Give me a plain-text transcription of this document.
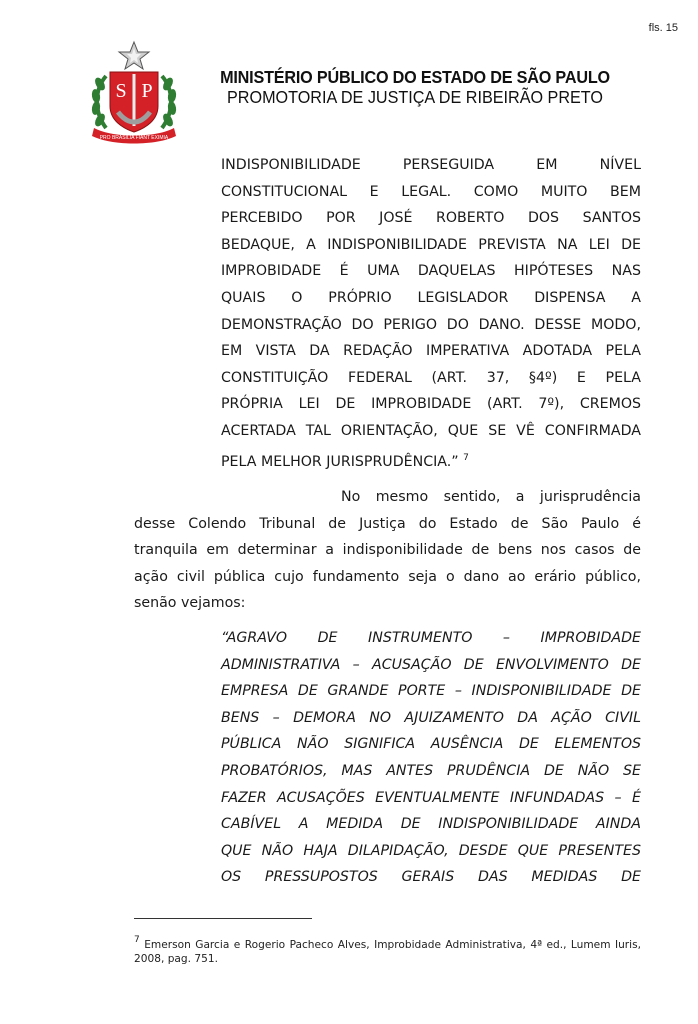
fls. 15
S P
PRO BRASILIA FIANT EXIMIA
MINISTÉRIO PÚBLICO DO ESTADO DE SÃO PAULO
PROMOTORIA DE JUSTIÇA DE RIBEIRÃO PRETO
INDISPONIBILIDADE PERSEGUIDA EM NÍVEL
CONSTITUCIONAL E LEGAL. COMO MUITO BEM
PERCEBIDO POR JOSÉ ROBERTO DOS SANTOS
BEDAQUE, A INDISPONIBILIDADE PREVISTA NA LEI DE
IMPROBIDADE É UMA DAQUELAS HIPÓTESES NAS
QUAIS O PRÓPRIO LEGISLADOR DISPENSA A
DEMONSTRAÇÃO DO PERIGO DO DANO. DESSE MODO,
EM VISTA DA REDAÇÃO IMPERATIVA ADOTADA PELA
CONSTITUIÇÃO FEDERAL (ART. 37, §4º) E PELA
PRÓPRIA LEI DE IMPROBIDADE (ART. 7º), CREMOS
ACERTADA TAL ORIENTAÇÃO, QUE SE VÊ CONFIRMADA
PELA MELHOR JURISPRUDÊNCIA.” $^7$
No mesmo sentido, a jurisprudência
desse Colendo Tribunal de Justiça do Estado de São Paulo é
tranquila em determinar a indisponibilidade de bens nos casos de
ação civil pública cujo fundamento seja o dano ao erário público,
senão vejamos:
“AGRAVO DE INSTRUMENTO – IMPROBIDADE
ADMINISTRATIVA – ACUSAÇÃO DE ENVOLVIMENTO DE
EMPRESA DE GRANDE PORTE – INDISPONIBILIDADE DE
BENS – DEMORA NO AJUIZAMENTO DA AÇÃO CIVIL
PÚBLICA NÃO SIGNIFICA AUSÊNCIA DE ELEMENTOS
PROBATÓRIOS, MAS ANTES PRUDÊNCIA DE NÃO SE
FAZER ACUSAÇÕES EVENTUALMENTE INFUNDADAS – É
CABÍVEL A MEDIDA DE INDISPONIBILIDADE AINDA
QUE NÃO HAJA DILAPIDAÇÃO, DESDE QUE PRESENTES
OS PRESSUPOSTOS GERAIS DAS MEDIDAS DE
$^7$ Emerson Garcia e Rogerio Pacheco Alves, Improbidade Administrativa, 4ª ed., Lumem Iuris, 2008, pag. 751.
